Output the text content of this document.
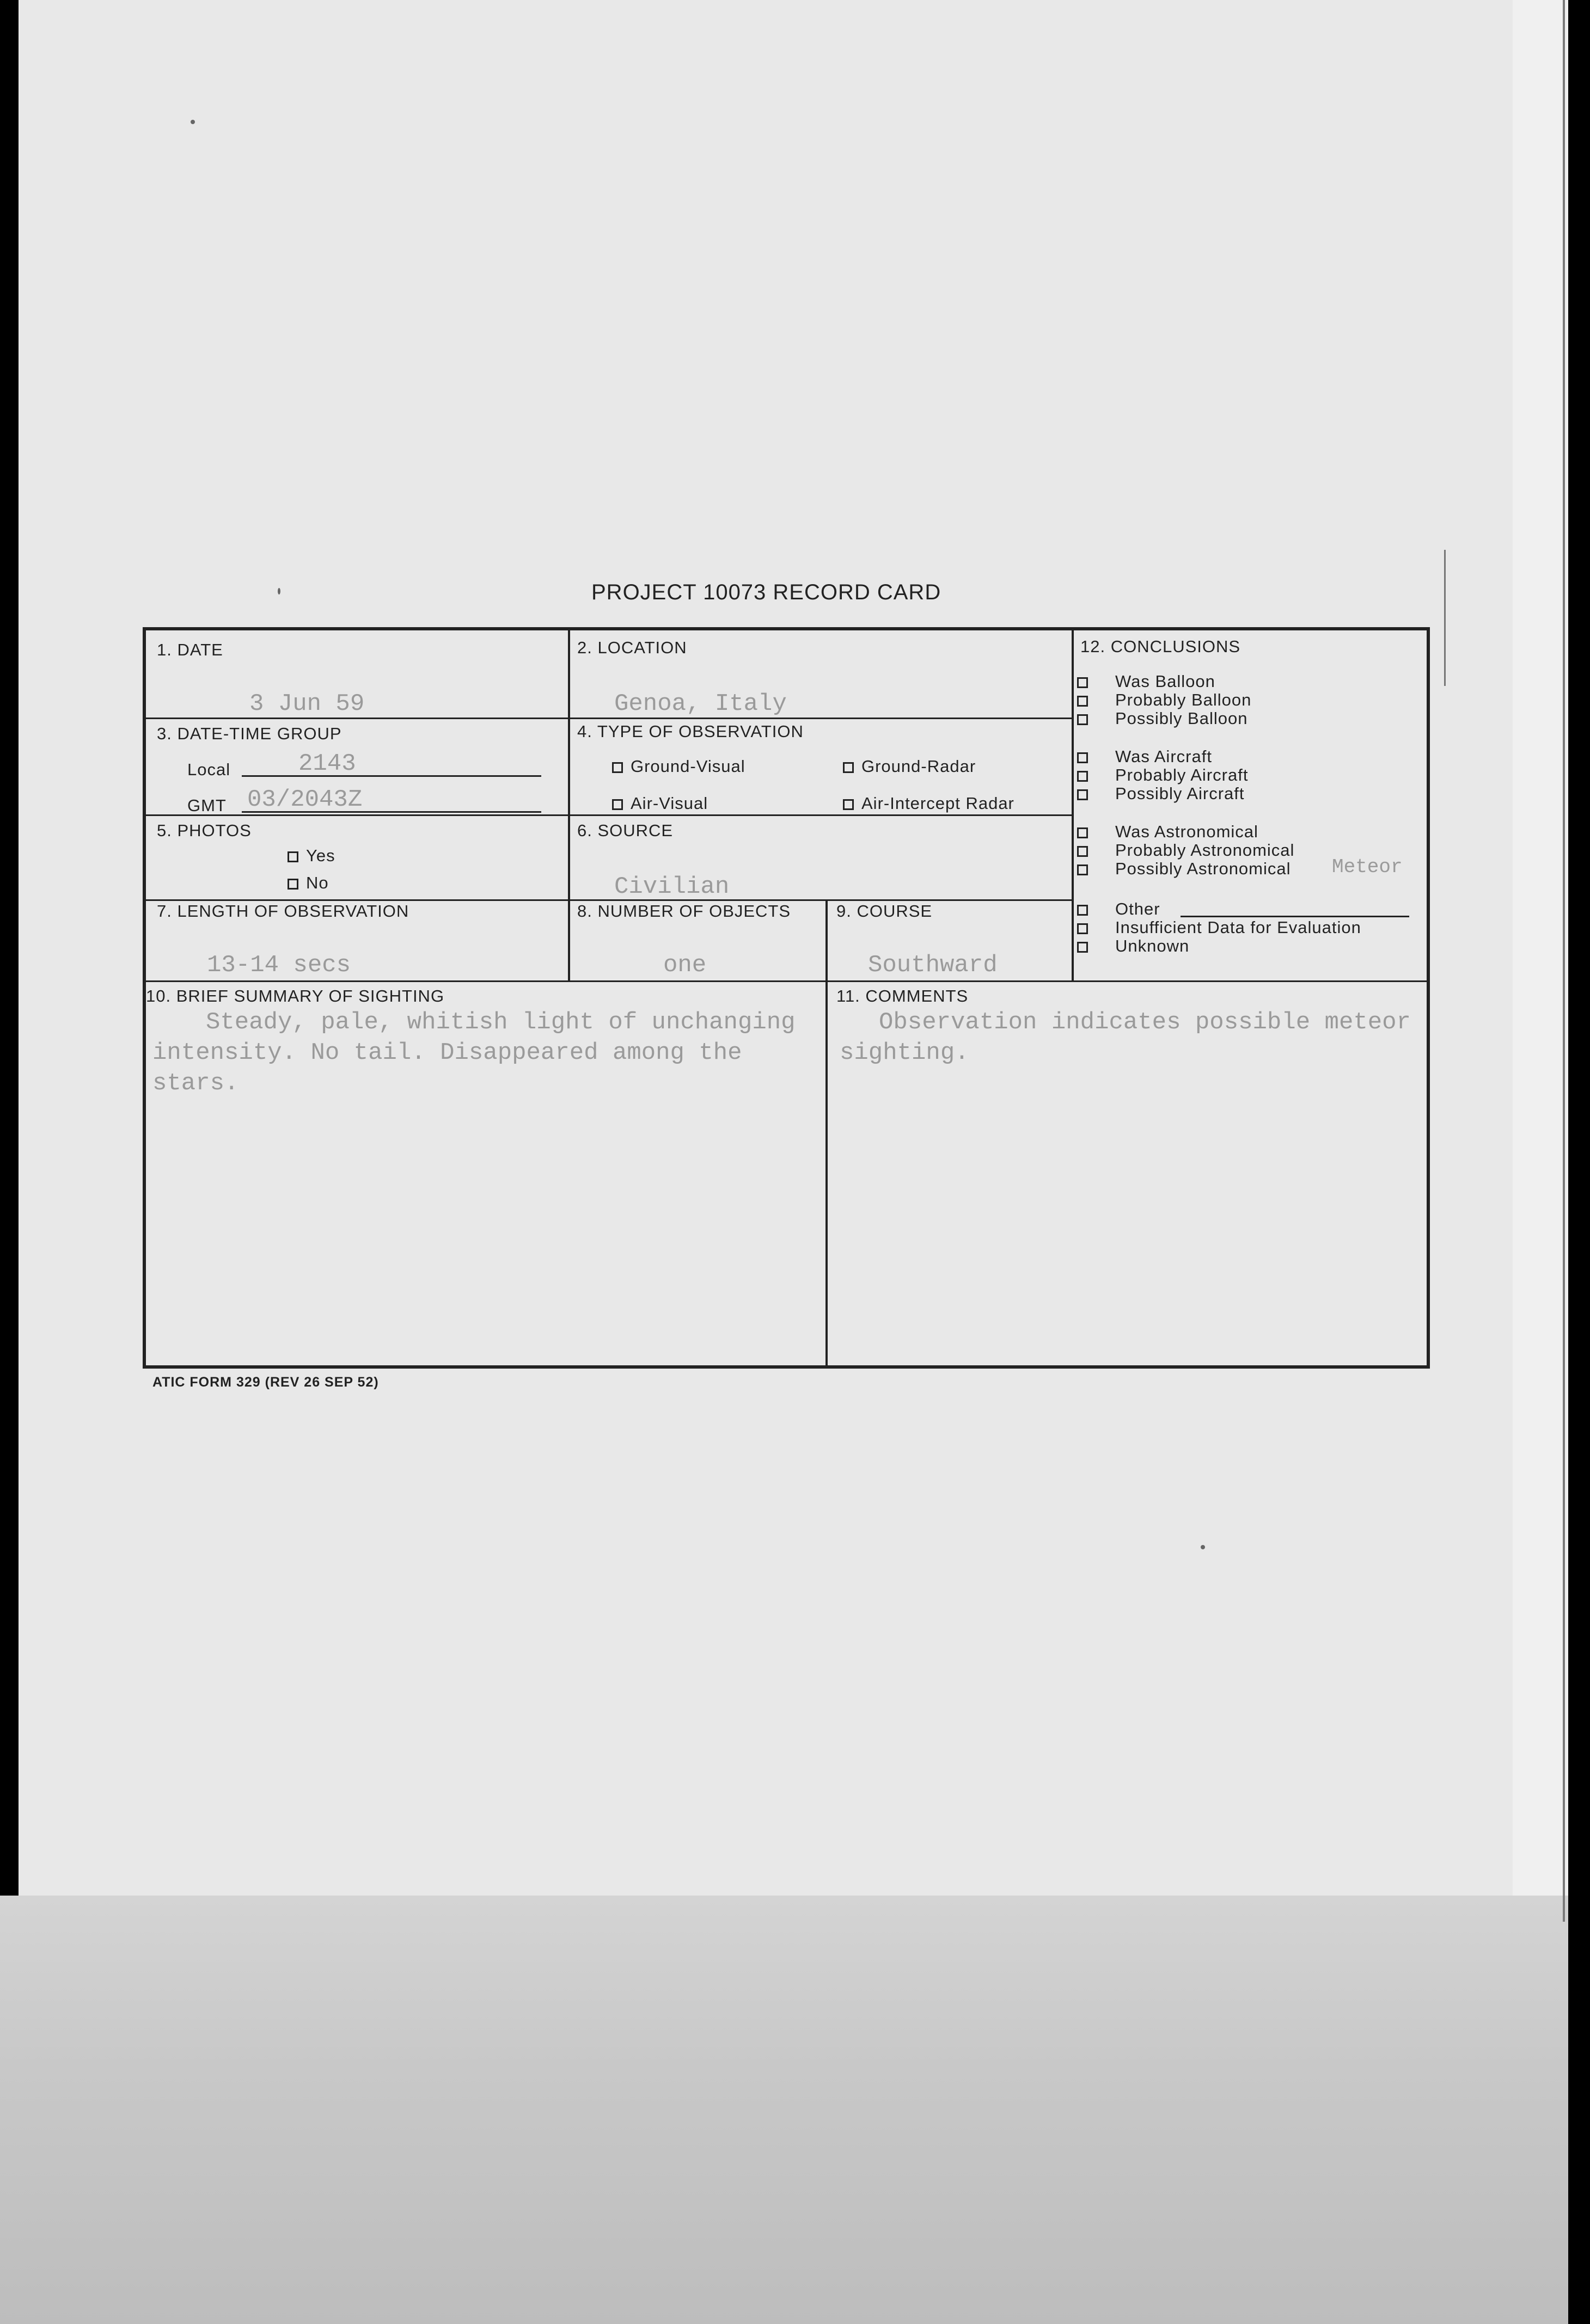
PROJECT 10073 RECORD CARD
1. DATE
3 Jun 59
2. LOCATION
Genoa, Italy
3. DATE-TIME GROUP
Local	2143
GMT 03/2043Z
4. TYPE OF OBSERVATION
Ground-Visual	Ground-Radar
Air-Visual	Air-Intercept Radar
5. PHOTOS
Yes
No
6. SOURCE
Civilian
7. LENGTH OF OBSERVATION
13-14 secs
8. NUMBER OF OBJECTS
one
9. COURSE
Southward
10. BRIEF SUMMARY OF SIGHTING
Steady, pale, whitish light of unchanging
intensity. No tail. Disappeared among the
stars.
11. COMMENTS
Observation indicates possible meteor
sighting.
12. CONCLUSIONS
Was Balloon
Probably Balloon
Possibly Balloon
Was Aircraft
Probably Aircraft
Possibly Aircraft
Was Astronomical
Probably Astronomical
Possibly Astronomical Meteor
Other
Insufficient Data for Evaluation
Unknown
ATIC FORM 329 (REV 26 SEP 52)
